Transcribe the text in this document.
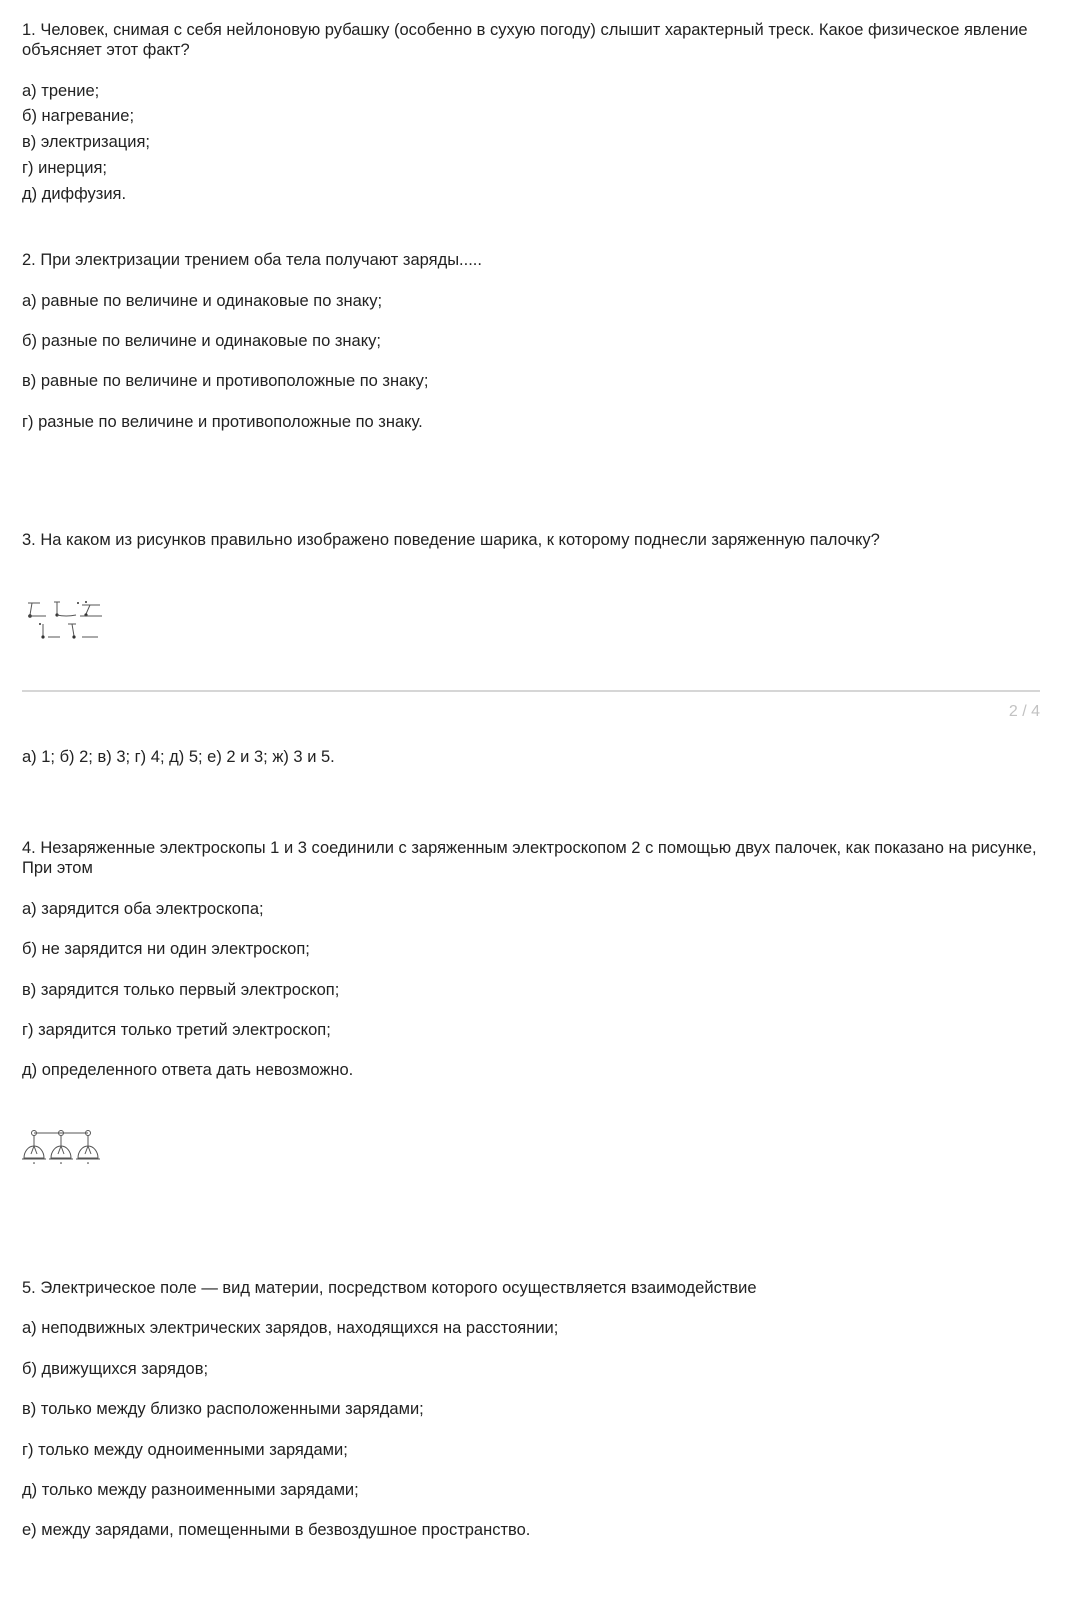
1. Человек, снимая с себя нейлоновую рубашку (особенно в сухую погоду) слышит характерный треск. Какое физическое явление объясняет этот факт?

а) трение;

б) нагревание;

в) электризация;

г) инерция;

д) диффузия.

2. При электризации трением оба тела получают заряды.....

а) равные по величине и одинаковые по знаку;

б) разные по величине и одинаковые по знаку;

в) равные по величине и противоположные по знаку;

г) разные по величине и противоположные по знаку.

3. На каком из рисунков правильно изображено поведение шарика, к которому поднесли заряженную палочку?

2 / 4

а) 1; б) 2; в) 3; г) 4; д) 5; е) 2 и 3; ж) 3 и 5.

4. Незаряженные электроскопы 1 и 3 соединили с заряженным электроскопом 2 с помощью двух палочек, как показано на рисунке, При этом

а) зарядится оба электроскопа;

б) не зарядится ни один электроскоп;

в) зарядится только первый электроскоп;

г) зарядится только третий электроскоп;

д) определенного ответа дать невозможно.

5. Электрическое поле — вид материи, посредством которого осуществляется взаимодействие

а) неподвижных электрических зарядов, находящихся на расстоянии;

б) движущихся зарядов;

в) только между близко расположенными зарядами;

г) только между одноименными зарядами;

д) только между разноименными зарядами;

е) между зарядами, помещенными в безвоздушное пространство.
